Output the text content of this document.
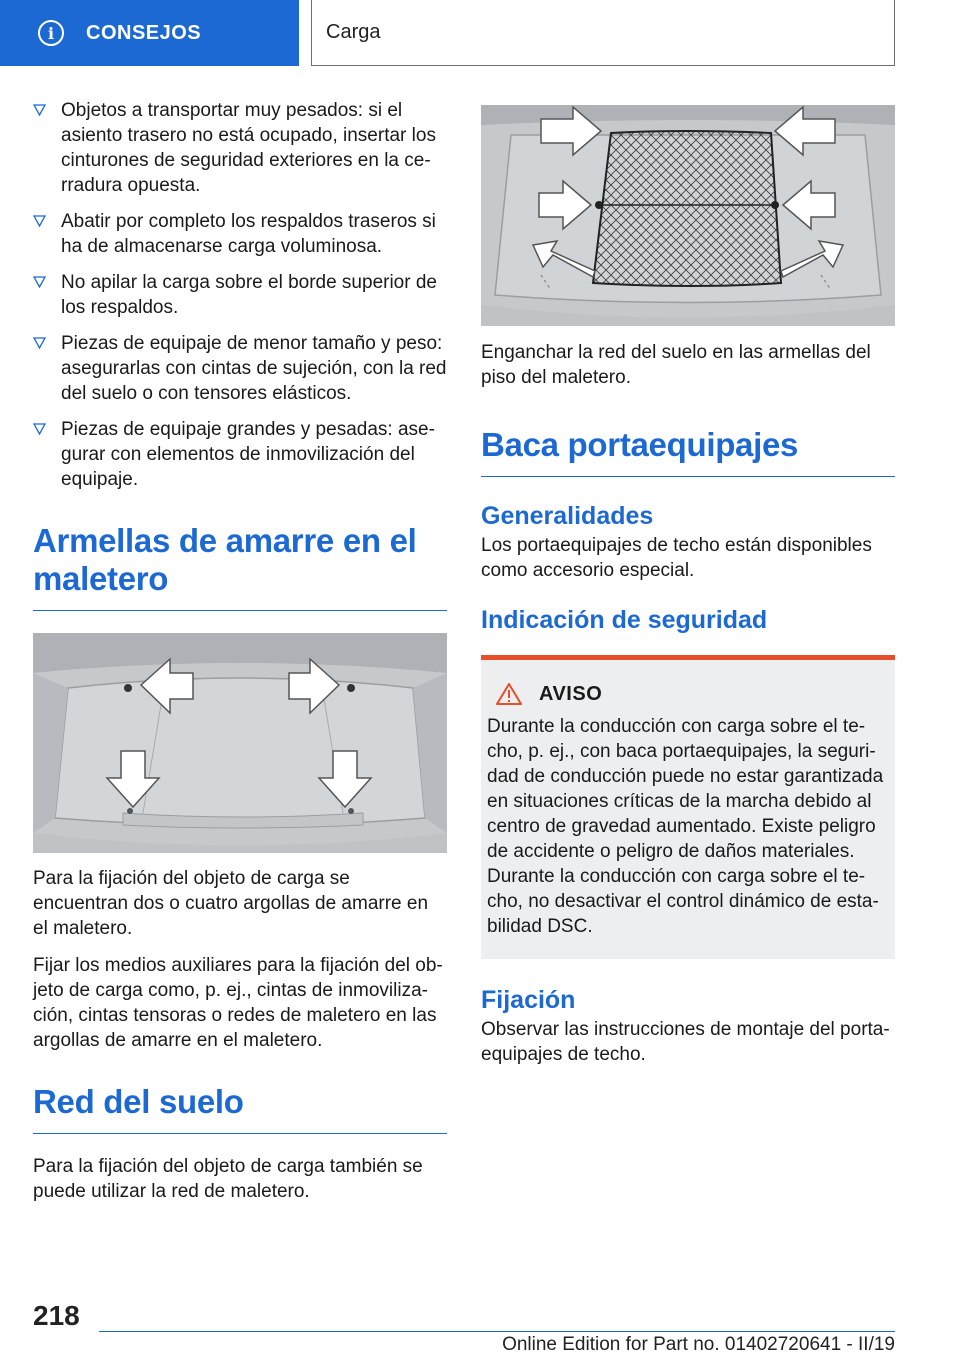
i	CONSEJOS	Carga
Objetos a transportar muy pesados: si el asiento trasero no está ocupado, insertar los cinturones de seguridad exteriores en la cerradura opuesta.
Abatir por completo los respaldos traseros si ha de almacenarse carga voluminosa.
No apilar la carga sobre el borde superior de los respaldos.
Piezas de equipaje de menor tamaño y peso: asegurarlas con cintas de sujeción, con la red del suelo o con tensores elásticos.
Piezas de equipaje grandes y pesadas: asegurar con elementos de inmovilización del equipaje.
Armellas de amarre en el maletero

Para la fijación del objeto de carga se encuentran dos o cuatro argollas de amarre en el maletero.

Fijar los medios auxiliares para la fijación del objeto de carga como, p. ej., cintas de inmovilización, cintas tensoras o redes de maletero en las argollas de amarre en el maletero.

Red del suelo

Para la fijación del objeto de carga también se puede utilizar la red de maletero.

Enganchar la red del suelo en las armellas del piso del maletero.

Baca portaequipajes
Generalidades

Los portaequipajes de techo están disponibles como accesorio especial.

Indicación de seguridad
AVISO

Durante la conducción con carga sobre el techo, p. ej., con baca portaequipajes, la seguridad de conducción puede no estar garantizada en situaciones críticas de la marcha debido al centro de gravedad aumentado. Existe peligro de accidente o peligro de daños materiales. Durante la conducción con carga sobre el techo, no desactivar el control dinámico de estabilidad DSC.

Fijación

Observar las instrucciones de montaje del portaequipajes de techo.

218
Online Edition for Part no. 01402720641 - II/19
